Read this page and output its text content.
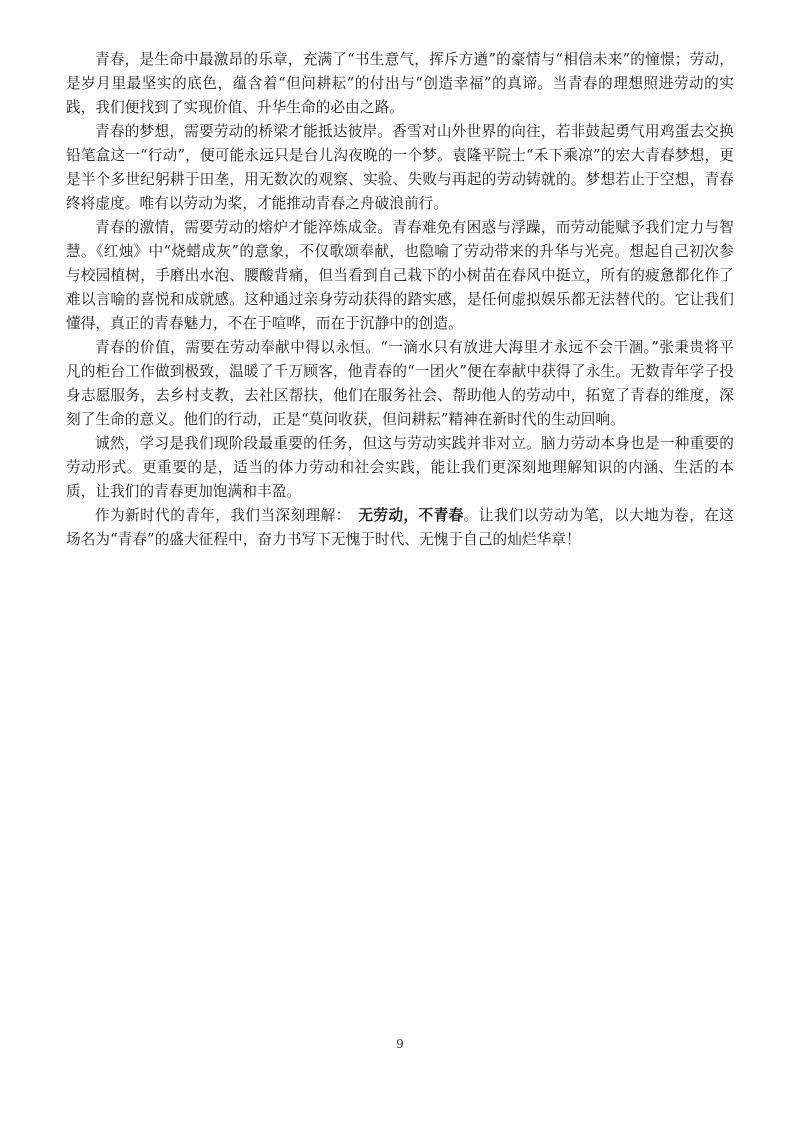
青春，是生命中最激昂的乐章，充满了“书生意气，挥斥方遒”的豪情与“相信未来”的憧憬；劳动，是岁月里最坚实的底色，蕴含着“但问耕耘”的付出与“创造幸福”的真谛。当青春的理想照进劳动的实践，我们便找到了实现价值、升华生命的必由之路。

青春的梦想，需要劳动的桥梁才能抵达彼岸。香雪对山外世界的向往，若非鼓起勇气用鸡蛋去交换铅笔盒这一“行动”，便可能永远只是台儿沟夜晚的一个梦。袁隆平院士“禾下乘凉”的宏大青春梦想，更是半个多世纪躬耕于田垄，用无数次的观察、实验、失败与再起的劳动铸就的。梦想若止于空想，青春终将虚度。唯有以劳动为桨，才能推动青春之舟破浪前行。

青春的激情，需要劳动的熔炉才能淬炼成金。青春难免有困惑与浮躁，而劳动能赋予我们定力与智慧。《红烛》中“烧蜡成灰”的意象，不仅歌颂奉献，也隐喻了劳动带来的升华与光亮。想起自己初次参与校园植树，手磨出水泡、腰酸背痛，但当看到自己栽下的小树苗在春风中挺立，所有的疲惫都化作了难以言喻的喜悦和成就感。这种通过亲身劳动获得的踏实感，是任何虚拟娱乐都无法替代的。它让我们懂得，真正的青春魅力，不在于喧哗，而在于沉静中的创造。

青春的价值，需要在劳动奉献中得以永恒。“一滴水只有放进大海里才永远不会干涸。”张秉贵将平凡的柜台工作做到极致，温暖了千万顾客，他青春的“一团火”便在奉献中获得了永生。无数青年学子投身志愿服务，去乡村支教，去社区帮扶，他们在服务社会、帮助他人的劳动中，拓宽了青春的维度，深刻了生命的意义。他们的行动，正是“莫问收获，但问耕耘”精神在新时代的生动回响。

诚然，学习是我们现阶段最重要的任务，但这与劳动实践并非对立。脑力劳动本身也是一种重要的劳动形式。更重要的是，适当的体力劳动和社会实践，能让我们更深刻地理解知识的内涵、生活的本质，让我们的青春更加饱满和丰盈。

作为新时代的青年，我们当深刻理解：　无劳动，不青春。让我们以劳动为笔，以大地为卷，在这场名为“青春”的盛大征程中，奋力书写下无愧于时代、无愧于自己的灿烂华章！

9
